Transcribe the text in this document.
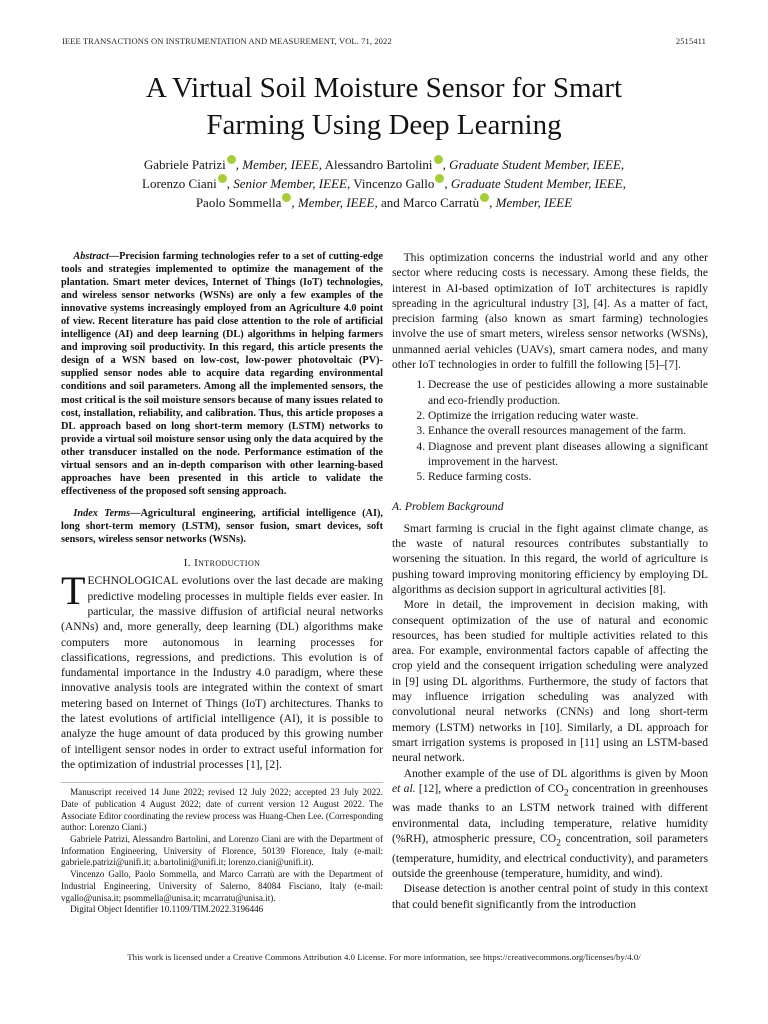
IEEE TRANSACTIONS ON INSTRUMENTATION AND MEASUREMENT, VOL. 71, 2022	2515411
A Virtual Soil Moisture Sensor for Smart
Farming Using Deep Learning
Gabriele Patrizi , Member, IEEE, Alessandro Bartolini , Graduate Student Member, IEEE,
Lorenzo Ciani , Senior Member, IEEE, Vincenzo Gallo , Graduate Student Member, IEEE,
Paolo Sommella , Member, IEEE, and Marco Carratù , Member, IEEE

Abstract—Precision farming technologies refer to a set of cutting-edge tools and strategies implemented to optimize the management of the plantation. Smart meter devices, Internet of Things (IoT) technologies, and wireless sensor networks (WSNs) are only a few examples of the innovative systems increasingly employed from an Agriculture 4.0 point of view. Recent literature has paid close attention to the role of artificial intelligence (AI) and deep learning (DL) algorithms in helping farmers and improving soil productivity. In this regard, this article presents the design of a WSN based on low-cost, low-power photovoltaic (PV)-supplied sensor nodes able to acquire data regarding environmental conditions and soil parameters. Among all the implemented sensors, the most critical is the soil moisture sensors because of many issues related to cost, installation, reliability, and calibration. Thus, this article proposes a DL approach based on long short-term memory (LSTM) networks to provide a virtual soil moisture sensor using only the data acquired by the other transducer installed on the node. Performance estimation of the virtual sensors and an in-depth comparison with other learning-based approaches have been presented in this article to validate the effectiveness of the proposed soft sensing approach.

Index Terms—Agricultural engineering, artificial intelligence (AI), long short-term memory (LSTM), sensor fusion, smart devices, soft sensors, wireless sensor networks (WSNs).

I. Introduction

TECHNOLOGICAL evolutions over the last decade are making predictive modeling processes in multiple fields ever easier. In particular, the massive diffusion of artificial neural networks (ANNs) and, more generally, deep learning (DL) algorithms make computers more autonomous in learning processes for classifications, regressions, and predictions. This evolution is of fundamental importance in the Industry 4.0 paradigm, where these innovative analysis tools are integrated within the context of smart metering based on Internet of Things (IoT) architectures. Thanks to the latest evolutions of artificial intelligence (AI), it is possible to analyze the huge amount of data produced by this growing number of intelligent sensor nodes in order to extract useful information for the optimization of industrial processes [1], [2].

Manuscript received 14 June 2022; revised 12 July 2022; accepted 23 July 2022. Date of publication 4 August 2022; date of current version 12 August 2022. The Associate Editor coordinating the review process was Huang-Chen Lee. (Corresponding author: Lorenzo Ciani.)

Gabriele Patrizi, Alessandro Bartolini, and Lorenzo Ciani are with the Department of Information Engineering, University of Florence, 50139 Florence, Italy (e-mail: gabriele.patrizi@unifi.it; a.bartolini@unifi.it; lorenzo.ciani@unifi.it).

Vincenzo Gallo, Paolo Sommella, and Marco Carratù are with the Department of Industrial Engineering, University of Salerno, 84084 Fisciano, Italy (e-mail: vgallo@unisa.it; psommella@unisa.it; mcarratu@unisa.it).

Digital Object Identifier 10.1109/TIM.2022.3196446

This optimization concerns the industrial world and any other sector where reducing costs is necessary. Among these fields, the interest in AI-based optimization of IoT architectures is rapidly spreading in the agricultural industry [3], [4]. As a matter of fact, precision farming (also known as smart farming) technologies involve the use of smart meters, wireless sensor networks (WSNs), unmanned aerial vehicles (UAVs), smart camera nodes, and many other IoT technologies in order to fulfill the following [5]–[7].

1. Decrease the use of pesticides allowing a more sustainable and eco-friendly production.
2. Optimize the irrigation reducing water waste.
3. Enhance the overall resources management of the farm.
4. Diagnose and prevent plant diseases allowing a significant improvement in the harvest.
5. Reduce farming costs.
A. Problem Background

Smart farming is crucial in the fight against climate change, as the waste of natural resources contributes substantially to worsening the situation. In this regard, the world of agriculture is pushing toward improving monitoring efficiency by employing DL algorithms as decision support in agricultural activities [8].

More in detail, the improvement in decision making, with consequent optimization of the use of natural and economic resources, has been studied for multiple activities related to this area. For example, environmental factors capable of affecting the crop yield and the consequent irrigation scheduling were analyzed in [9] using DL algorithms. Furthermore, the study of factors that may influence irrigation scheduling was analyzed with convolutional neural networks (CNNs) and long short-term memory (LSTM) networks in [10]. Similarly, a DL approach for smart irrigation systems is proposed in [11] using an LSTM-based neural network.

Another example of the use of DL algorithms is given by Moon et al. [12], where a prediction of $CO_2$ concentration in greenhouses was made thanks to an LSTM network trained with different environmental data, including temperature, relative humidity (%RH), atmospheric pressure, $CO_2$ concentration, soil parameters (temperature, humidity, and electrical conductivity), and parameters outside the greenhouse (temperature, humidity, and wind).

Disease detection is another central point of study in this context that could benefit significantly from the introduction

This work is licensed under a Creative Commons Attribution 4.0 License. For more information, see https://creativecommons.org/licenses/by/4.0/
